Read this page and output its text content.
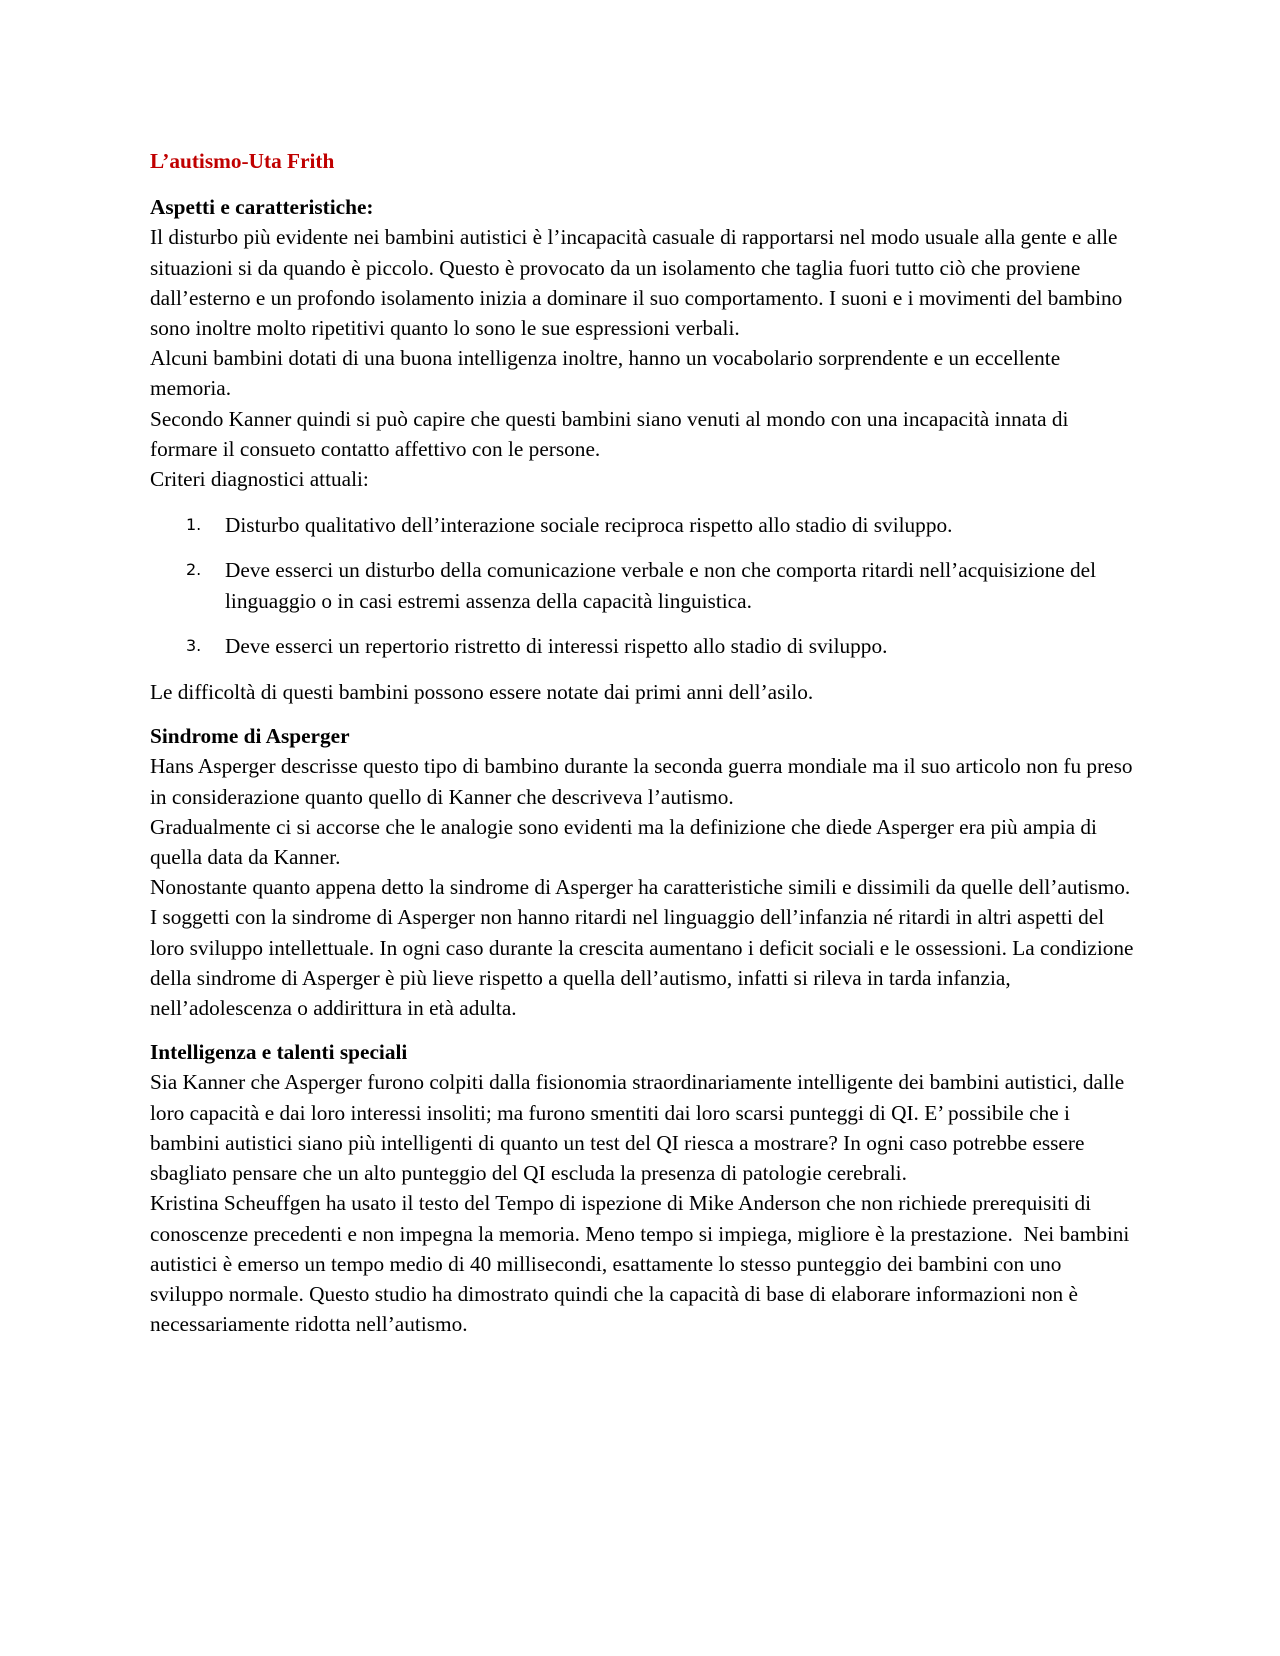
L’autismo-Uta Frith
Aspetti e caratteristiche:

Il disturbo più evidente nei bambini autistici è l’incapacità casuale di rapportarsi nel modo usuale alla gente e alle situazioni si da quando è piccolo. Questo è provocato da un isolamento che taglia fuori tutto ciò che proviene dall’esterno e un profondo isolamento inizia a dominare il suo comportamento. I suoni e i movimenti del bambino sono inoltre molto ripetitivi quanto lo sono le sue espressioni verbali.

Alcuni bambini dotati di una buona intelligenza inoltre, hanno un vocabolario sorprendente e un eccellente memoria.

Secondo Kanner quindi si può capire che questi bambini siano venuti al mondo con una incapacità innata di formare il consueto contatto affettivo con le persone.

Criteri diagnostici attuali:

1. Disturbo qualitativo dell’interazione sociale reciproca rispetto allo stadio di sviluppo.
2. Deve esserci un disturbo della comunicazione verbale e non che comporta ritardi nell’acquisizione del linguaggio o in casi estremi assenza della capacità linguistica.
3. Deve esserci un repertorio ristretto di interessi rispetto allo stadio di sviluppo.

Le difficoltà di questi bambini possono essere notate dai primi anni dell’asilo.

Sindrome di Asperger

Hans Asperger descrisse questo tipo di bambino durante la seconda guerra mondiale ma il suo articolo non fu preso in considerazione quanto quello di Kanner che descriveva l’autismo.

Gradualmente ci si accorse che le analogie sono evidenti ma la definizione che diede Asperger era più ampia di quella data da Kanner.

Nonostante quanto appena detto la sindrome di Asperger ha caratteristiche simili e dissimili da quelle dell’autismo.

I soggetti con la sindrome di Asperger non hanno ritardi nel linguaggio dell’infanzia né ritardi in altri aspetti del loro sviluppo intellettuale. In ogni caso durante la crescita aumentano i deficit sociali e le ossessioni. La condizione della sindrome di Asperger è più lieve rispetto a quella dell’autismo, infatti si rileva in tarda infanzia, nell’adolescenza o addirittura in età adulta.

Intelligenza e talenti speciali

Sia Kanner che Asperger furono colpiti dalla fisionomia straordinariamente intelligente dei bambini autistici, dalle loro capacità e dai loro interessi insoliti; ma furono smentiti dai loro scarsi punteggi di QI. E’ possibile che i bambini autistici siano più intelligenti di quanto un test del QI riesca a mostrare? In ogni caso potrebbe essere sbagliato pensare che un alto punteggio del QI escluda la presenza di patologie cerebrali.

Kristina Scheuffgen ha usato il testo del Tempo di ispezione di Mike Anderson che non richiede prerequisiti di conoscenze precedenti e non impegna la memoria. Meno tempo si impiega, migliore è la prestazione.  Nei bambini autistici è emerso un tempo medio di 40 millisecondi, esattamente lo stesso punteggio dei bambini con uno sviluppo normale. Questo studio ha dimostrato quindi che la capacità di base di elaborare informazioni non è necessariamente ridotta nell’autismo.
